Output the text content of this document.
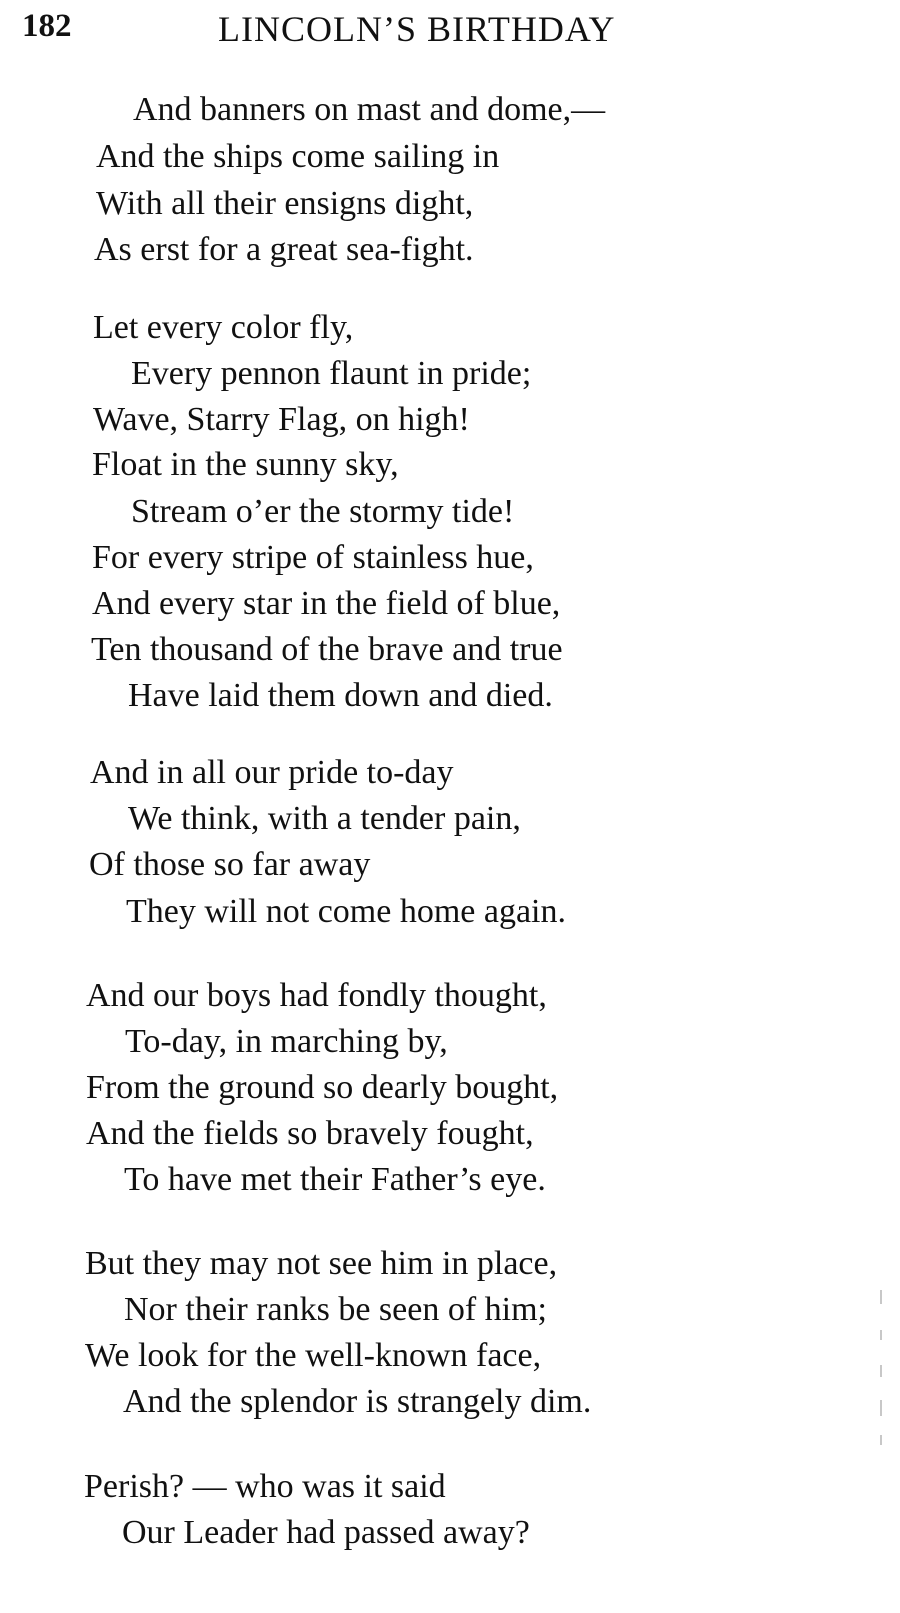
182	LINCOLN’S BIRTHDAY
And banners on mast and dome,—
And the ships come sailing in
With all their ensigns dight,
As erst for a great sea-fight.
Let every color fly,
Every pennon flaunt in pride;
Wave, Starry Flag, on high!
Float in the sunny sky,
Stream o’er the stormy tide!
For every stripe of stainless hue,
And every star in the field of blue,
Ten thousand of the brave and true
Have laid them down and died.
And in all our pride to-day
We think, with a tender pain,
Of those so far away
They will not come home again.
And our boys had fondly thought,
To-day, in marching by,
From the ground so dearly bought,
And the fields so bravely fought,
To have met their Father’s eye.
But they may not see him in place,
Nor their ranks be seen of him;
We look for the well-known face,
And the splendor is strangely dim.
Perish? — who was it said
Our Leader had passed away?
